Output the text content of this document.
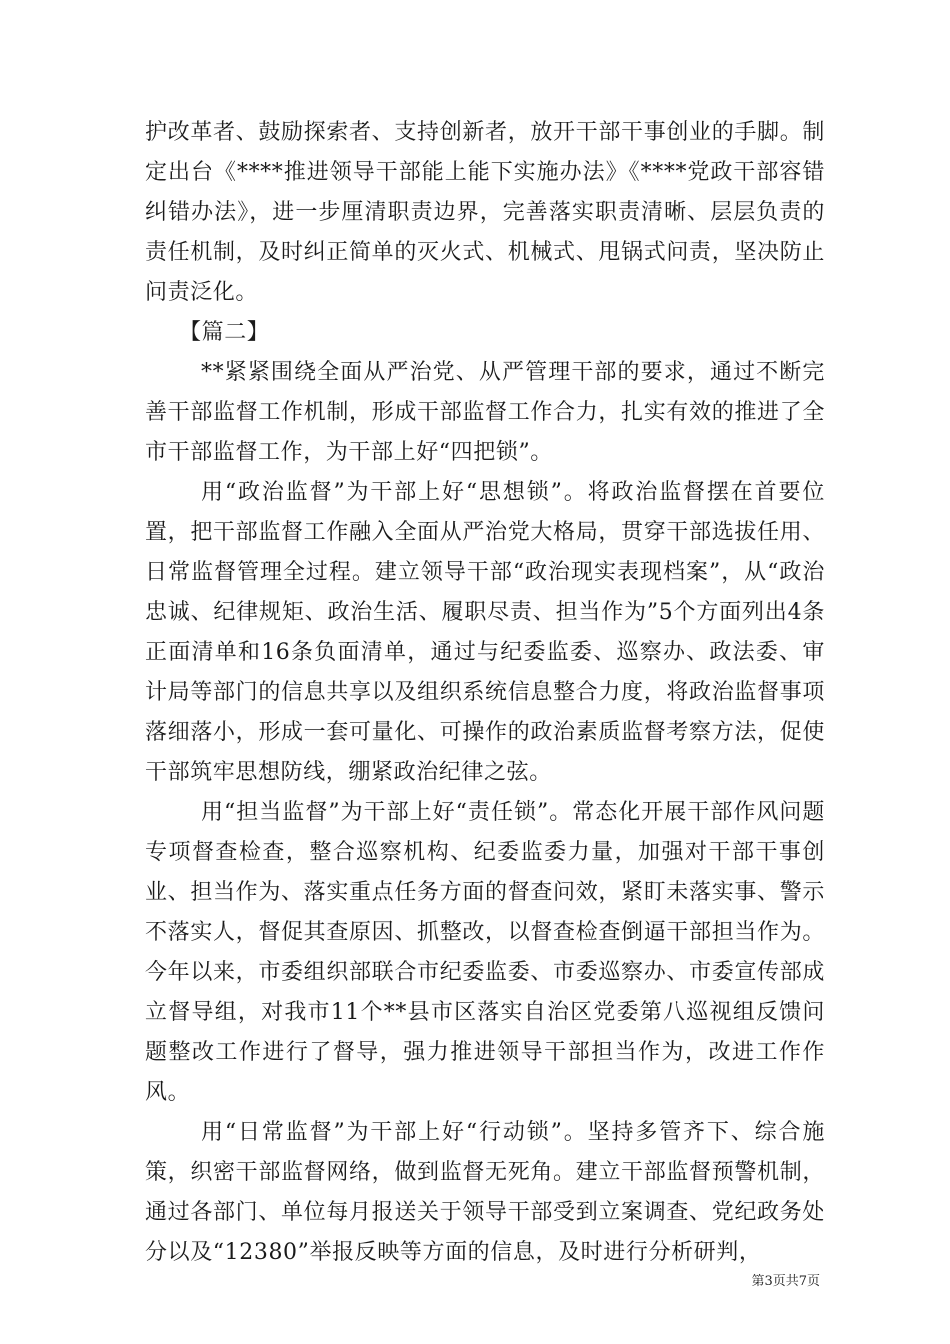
护改革者、鼓励探索者、支持创新者，放开干部干事创业的手脚。制定出台《****推进领导干部能上能下实施办法》《****党政干部容错纠错办法》，进一步厘清职责边界，完善落实职责清晰、层层负责的责任机制，及时纠正简单的灭火式、机械式、甩锅式问责，坚决防止问责泛化。

【篇二】

**紧紧围绕全面从严治党、从严管理干部的要求，通过不断完善干部监督工作机制，形成干部监督工作合力，扎实有效的推进了全市干部监督工作，为干部上好“四把锁”。

用“政治监督”为干部上好“思想锁”。将政治监督摆在首要位置，把干部监督工作融入全面从严治党大格局，贯穿干部选拔任用、日常监督管理全过程。建立领导干部“政治现实表现档案”，从“政治忠诚、纪律规矩、政治生活、履职尽责、担当作为”5个方面列出4条正面清单和16条负面清单，通过与纪委监委、巡察办、政法委、审计局等部门的信息共享以及组织系统信息整合力度，将政治监督事项落细落小，形成一套可量化、可操作的政治素质监督考察方法，促使干部筑牢思想防线，绷紧政治纪律之弦。

用“担当监督”为干部上好“责任锁”。常态化开展干部作风问题专项督查检查，整合巡察机构、纪委监委力量，加强对干部干事创业、担当作为、落实重点任务方面的督查问效，紧盯未落实事、警示不落实人，督促其查原因、抓整改，以督查检查倒逼干部担当作为。今年以来，市委组织部联合市纪委监委、市委巡察办、市委宣传部成立督导组，对我市11个**县市区落实自治区党委第八巡视组反馈问题整改工作进行了督导，强力推进领导干部担当作为，改进工作作风。

用“日常监督”为干部上好“行动锁”。坚持多管齐下、综合施策，织密干部监督网络，做到监督无死角。建立干部监督预警机制，通过各部门、单位每月报送关于领导干部受到立案调查、党纪政务处分以及“12380”举报反映等方面的信息，及时进行分析研判，

第3页共7页
